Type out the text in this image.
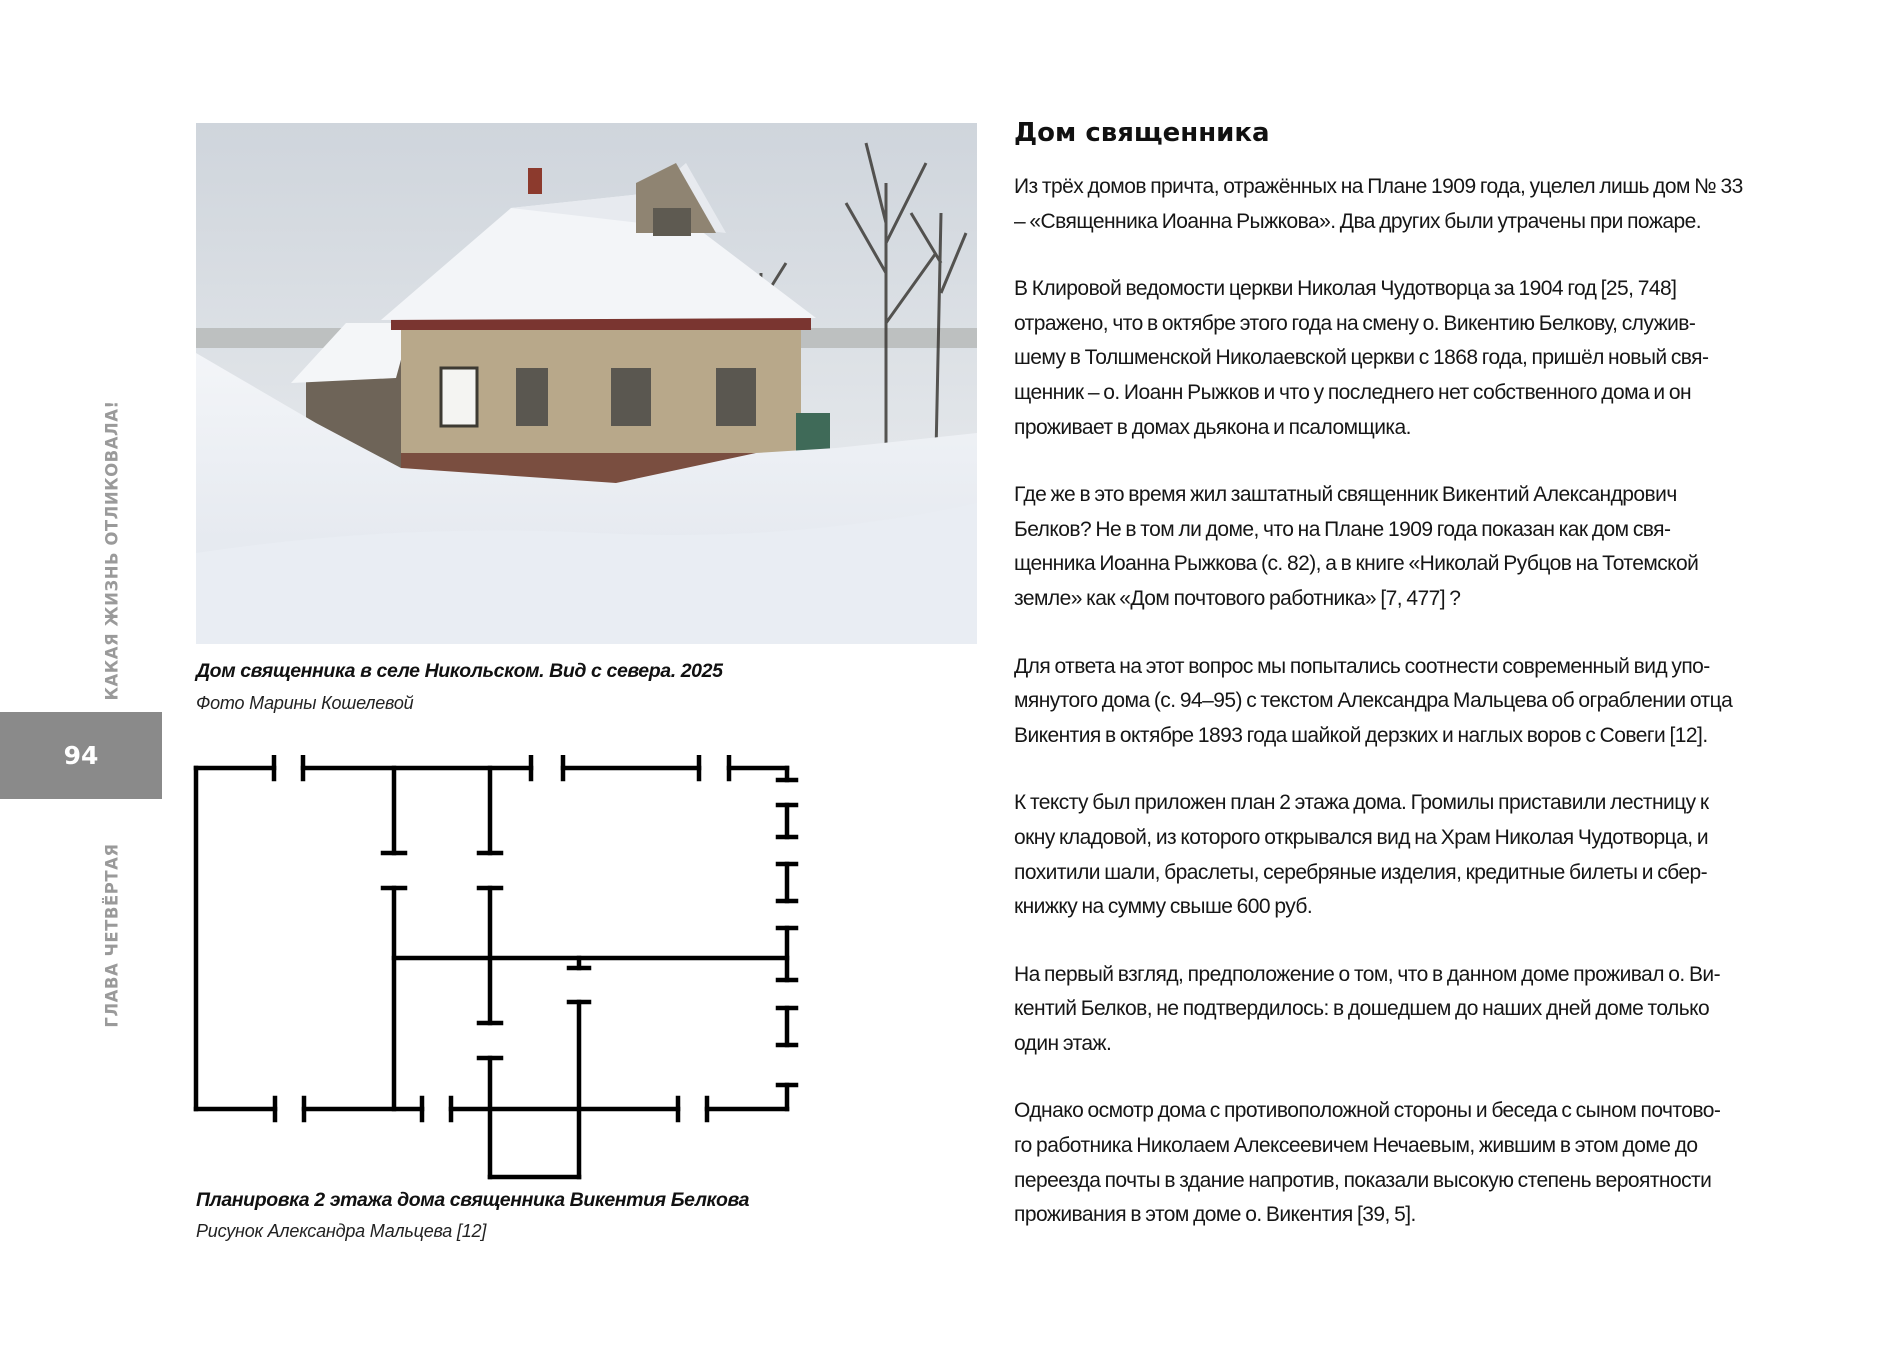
КАКАЯ ЖИЗНЬ ОТЛИКОВАЛА!
94
ГЛАВА ЧЕТВЁРТАЯ
Дом священника в селе Никольском. Вид с севера. 2025
Фото Марины Кошелевой
Планировка 2 этажа дома священника Викентия Белкова
Рисунок Александра Мальцева [12]
Дом священника
Из трёх домов причта, отражённых на Плане 1909 года, уцелел лишь дом № 33
– «Священника Иоанна Рыжкова». Два других были утрачены при пожаре.
В Клировой ведомости церкви Николая Чудотворца за 1904 год [25, 748]
отражено, что в октябре этого года на смену о. Викентию Белкову, служив-
шему в Толшменской Николаевской церкви с 1868 года, пришёл новый свя-
щенник – о. Иоанн Рыжков и что у последнего нет собственного дома и он
проживает в домах дьякона и псаломщика.
Где же в это время жил заштатный священник Викентий Александрович
Белков? Не в том ли доме, что на Плане 1909 года показан как дом свя-
щенника Иоанна Рыжкова (с. 82), а в книге «Николай Рубцов на Тотемской
земле» как «Дом почтового работника» [7, 477] ?
Для ответа на этот вопрос мы попытались соотнести современный вид упо-
мянутого дома (с. 94–95) с текстом Александра Мальцева об ограблении отца
Викентия в октябре 1893 года шайкой дерзких и наглых воров с Совеги [12].
К тексту был приложен план 2 этажа дома. Громилы приставили лестницу к
окну кладовой, из которого открывался вид на Храм Николая Чудотворца, и
похитили шали, браслеты, серебряные изделия, кредитные билеты и сбер-
книжку на сумму свыше 600 руб.
На первый взгляд, предположение о том, что в данном доме проживал о. Ви-
кентий Белков, не подтвердилось: в дошедшем до наших дней доме только
один этаж.
Однако осмотр дома с противоположной стороны и беседа с сыном почтово-
го работника Николаем Алексеевичем Нечаевым, жившим в этом доме до
переезда почты в здание напротив, показали высокую степень вероятности
проживания в этом доме о. Викентия [39, 5].
